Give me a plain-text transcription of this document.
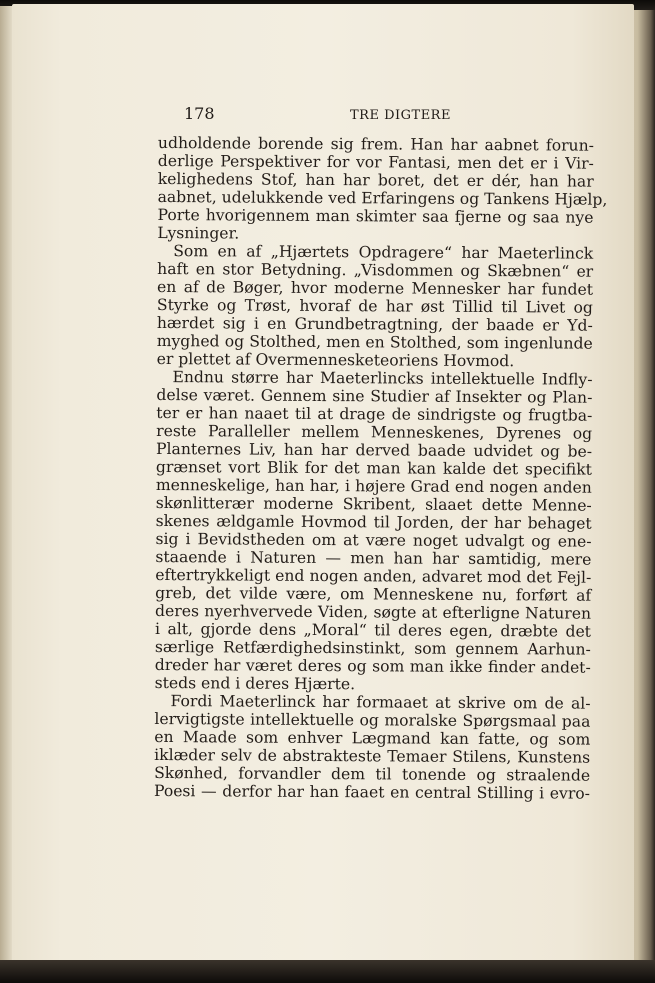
178	TRE DIGTERE
udholdende borende sig frem. Han har aabnet forun-
derlige Perspektiver for vor Fantasi, men det er i Vir-
kelighedens Stof, han har boret, det er dér, han har
aabnet, udelukkende ved Erfaringens og Tankens Hjælp,
Porte hvorigennem man skimter saa fjerne og saa nye
Lysninger.
Som en af „Hjærtets Opdragere“ har Maeterlinck
haft en stor Betydning. „Visdommen og Skæbnen“ er
en af de Bøger, hvor moderne Mennesker har fundet
Styrke og Trøst, hvoraf de har øst Tillid til Livet og
hærdet sig i en Grundbetragtning, der baade er Yd-
myghed og Stolthed, men en Stolthed, som ingenlunde
er plettet af Overmennesketeoriens Hovmod.
Endnu større har Maeterlincks intellektuelle Indfly-
delse været. Gennem sine Studier af Insekter og Plan-
ter er han naaet til at drage de sindrigste og frugtba-
reste Paralleller mellem Menneskenes, Dyrenes og
Planternes Liv, han har derved baade udvidet og be-
grænset vort Blik for det man kan kalde det specifikt
menneskelige, han har, i højere Grad end nogen anden
skønlitterær moderne Skribent, slaaet dette Menne-
skenes ældgamle Hovmod til Jorden, der har behaget
sig i Bevidstheden om at være noget udvalgt og ene-
staaende i Naturen — men han har samtidig, mere
eftertrykkeligt end nogen anden, advaret mod det Fejl-
greb, det vilde være, om Menneskene nu, forført af
deres nyerhvervede Viden, søgte at efterligne Naturen
i alt, gjorde dens „Moral“ til deres egen, dræbte det
særlige Retfærdighedsinstinkt, som gennem Aarhun-
dreder har været deres og som man ikke finder andet-
steds end i deres Hjærte.
Fordi Maeterlinck har formaaet at skrive om de al-
lervigtigste intellektuelle og moralske Spørgsmaal paa
en Maade som enhver Lægmand kan fatte, og som
iklæder selv de abstrakteste Temaer Stilens, Kunstens
Skønhed, forvandler dem til tonende og straalende
Poesi — derfor har han faaet en central Stilling i evro-
